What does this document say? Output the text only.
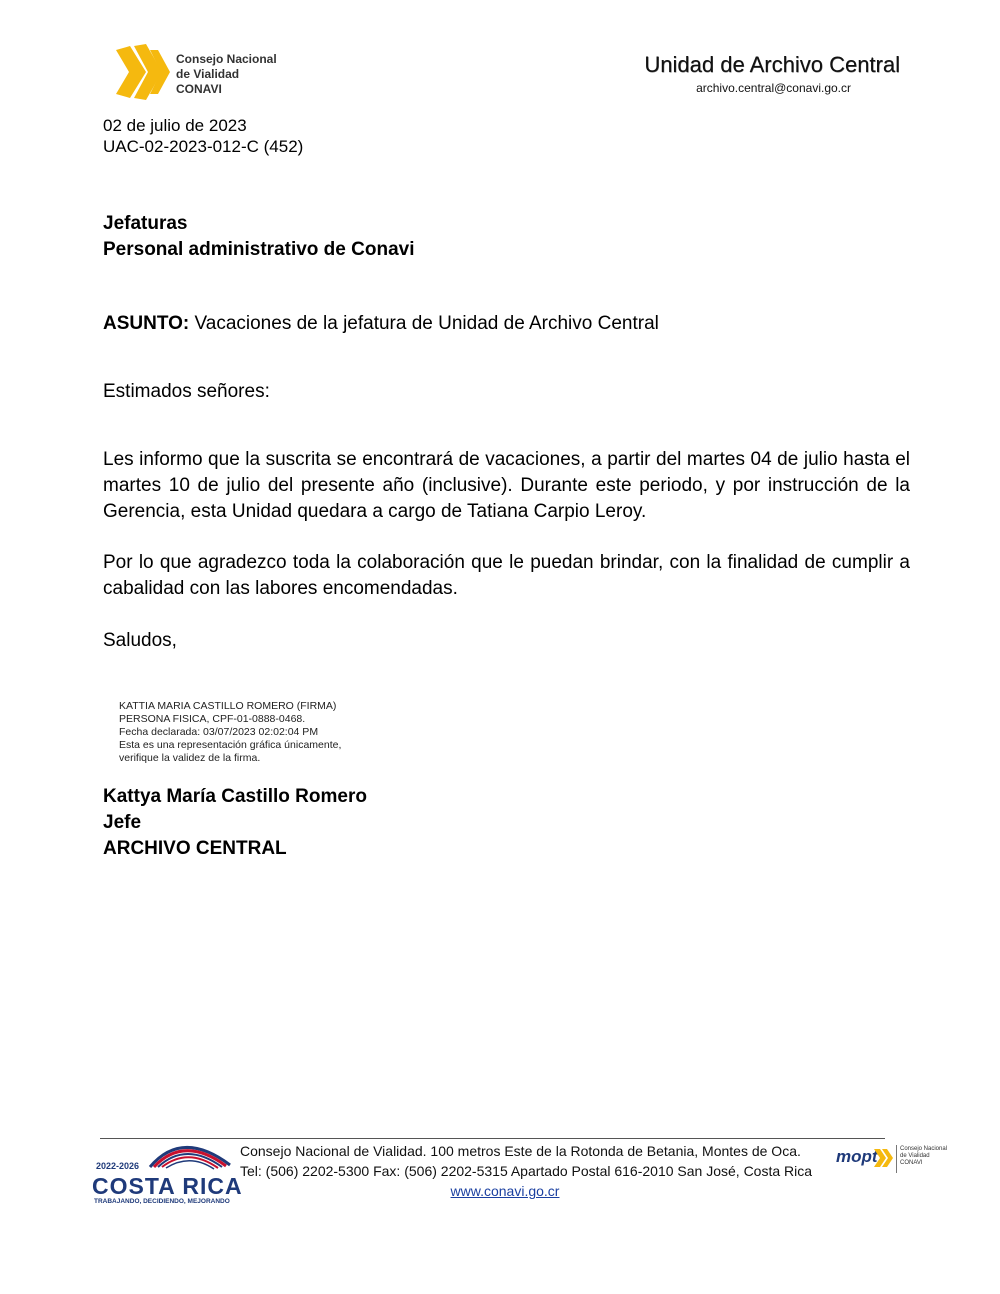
Consejo Nacional
de Vialidad
CONAVI
Unidad de Archivo Central
archivo.central@conavi.go.cr
02 de julio de 2023
UAC-02-2023-012-C (452)
Jefaturas
Personal administrativo de Conavi
ASUNTO: Vacaciones de la jefatura de Unidad de Archivo Central
Estimados señores:
Les informo que la suscrita se encontrará de vacaciones, a partir del martes 04 de julio hasta el martes 10 de julio del presente año (inclusive). Durante este periodo, y por instrucción de la Gerencia, esta Unidad quedara a cargo de Tatiana Carpio Leroy.
Por lo que agradezco toda la colaboración que le puedan brindar, con la finalidad de cumplir a cabalidad con las labores encomendadas.
Saludos,
KATTIA MARIA CASTILLO ROMERO (FIRMA)
PERSONA FISICA, CPF-01-0888-0468.
Fecha declarada: 03/07/2023 02:02:04 PM
Esta es una representación gráfica únicamente,
verifique la validez de la firma.
Kattya María Castillo Romero
Jefe
ARCHIVO CENTRAL
2022-2026
COSTA RICA
TRABAJANDO, DECIDIENDO, MEJORANDO
Consejo Nacional de Vialidad. 100 metros Este de la Rotonda de Betania, Montes de Oca.
Tel: (506) 2202-5300 Fax: (506) 2202-5315 Apartado Postal 616-2010 San José, Costa Rica
www.conavi.go.cr
mopt	Consejo Nacional
de Vialidad
CONAVI
